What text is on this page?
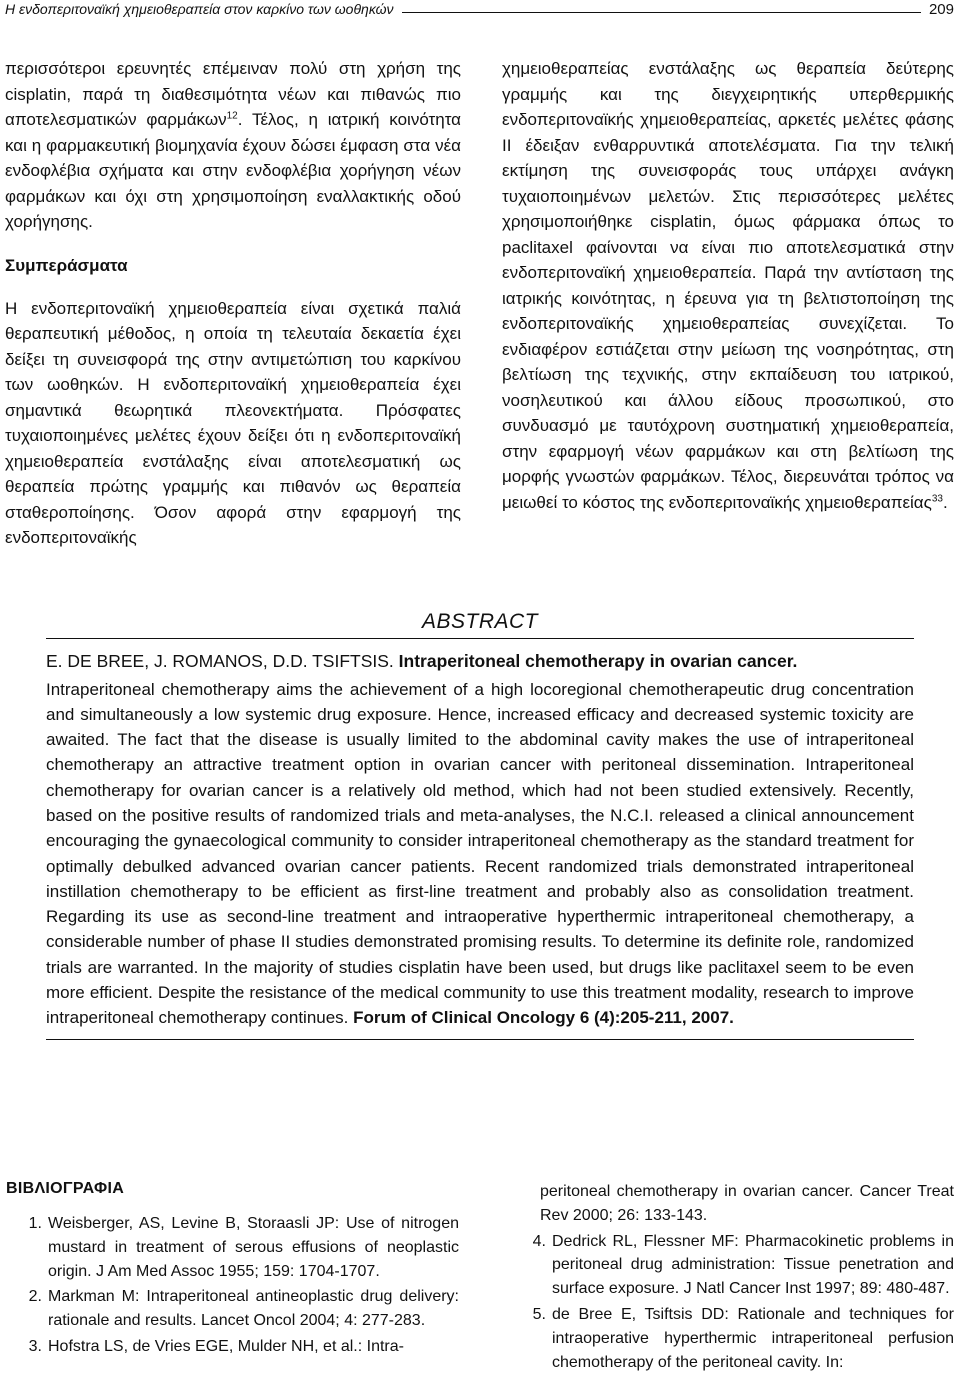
Η ενδοπεριτοναϊκή χημειοθεραπεία στον καρκίνο των ωοθηκών	209

περισσότεροι ερευνητές επέμειναν πολύ στη χρήση της cisplatin, παρά τη διαθεσιμότητα νέων και πιθανώς πιο αποτελεσματικών φαρμάκων$^{12}$. Τέλος, η ιατρική κοινότητα και η φαρμακευτική βιομηχανία έχουν δώσει έμφαση στα νέα ενδοφλέβια σχήματα και στην ενδοφλέβια χορήγηση νέων φαρμάκων και όχι στη χρησιμοποίηση εναλλακτικής οδού χορήγησης.

Συμπεράσματα

Η ενδοπεριτοναϊκή χημειοθεραπεία είναι σχετικά παλιά θεραπευτική μέθοδος, η οποία τη τελευταία δεκαετία έχει δείξει τη συνεισφορά της στην αντιμετώπιση του καρκίνου των ωοθηκών. Η ενδοπεριτοναϊκή χημειοθεραπεία έχει σημαντικά θεωρητικά πλεονεκτήματα. Πρόσφατες τυχαιοποιημένες μελέτες έχουν δείξει ότι η ενδοπεριτοναϊκή χημειοθεραπεία ενστάλαξης είναι αποτελεσματική ως θεραπεία πρώτης γραμμής και πιθανόν ως θεραπεία σταθεροποίησης. Όσον αφορά στην εφαρμογή της ενδοπεριτοναϊκής

χημειοθεραπείας ενστάλαξης ως θεραπεία δεύτερης γραμμής και της διεγχειρητικής υπερθερμικής ενδοπεριτοναϊκής χημειοθεραπείας, αρκετές μελέτες φάσης II έδειξαν ενθαρρυντικά αποτελέσματα. Για την τελική εκτίμηση της συνεισφοράς τους υπάρχει ανάγκη τυχαιοποιημένων μελετών. Στις περισσότερες μελέτες χρησιμοποιήθηκε cisplatin, όμως φάρμακα όπως το paclitaxel φαίνονται να είναι πιο αποτελεσματικά στην ενδοπεριτοναϊκή χημειοθεραπεία. Παρά την αντίσταση της ιατρικής κοινότητας, η έρευνα για τη βελτιστοποίηση της ενδοπεριτοναϊκής χημειοθεραπείας συνεχίζεται. Το ενδιαφέρον εστιάζεται στην μείωση της νοσηρότητας, στη βελτίωση της τεχνικής, στην εκπαίδευση του ιατρικού, νοσηλευτικού και άλλου είδους προσωπικού, στο συνδυασμό με ταυτόχρονη συστηματική χημειοθεραπεία, στην εφαρμογή νέων φαρμάκων και στη βελτίωση της μορφής γνωστών φαρμάκων. Τέλος, διερευνάται τρόπος να μειωθεί το κόστος της ενδοπεριτοναϊκής χημειοθεραπείας$^{33}$.

ABSTRACT

E. DE BREE, J. ROMANOS, D.D. TSIFTSIS. Intraperitoneal chemotherapy in ovarian cancer.

Intraperitoneal chemotherapy aims the achievement of a high locoregional chemotherapeutic drug concentration and simultaneously a low systemic drug exposure. Hence, increased efficacy and decreased systemic toxicity are awaited. The fact that the disease is usually limited to the abdominal cavity makes the use of intraperitoneal chemotherapy an attractive treatment option in ovarian cancer with peritoneal dissemination. Intraperitoneal chemotherapy for ovarian cancer is a relatively old method, which had not been studied extensively. Recently, based on the positive results of randomized trials and meta-analyses, the N.C.I. released a clinical announcement encouraging the gynaecological community to consider intraperitoneal chemotherapy as the standard treatment for optimally debulked advanced ovarian cancer patients. Recent randomized trials demonstrated intraperitoneal instillation chemotherapy to be efficient as first-line treatment and probably also as consolidation treatment. Regarding its use as second-line treatment and intraoperative hyperthermic intraperitoneal chemotherapy, a considerable number of phase II studies demonstrated promising results. To determine its definite role, randomized trials are warranted. In the majority of studies cisplatin have been used, but drugs like paclitaxel seem to be even more efficient. Despite the resistance of the medical community to use this treatment modality, research to improve intraperitoneal chemotherapy continues. Forum of Clinical Oncology 6 (4):205-211, 2007.

ΒΙΒΛΙΟΓΡΑΦΙΑ
1. Weisberger, AS, Levine B, Storaasli JP: Use of nitrogen mustard in treatment of serous effusions of neoplastic origin. J Am Med Assoc 1955; 159: 1704-1707.
2. Markman M: Intraperitoneal antineoplastic drug delivery: rationale and results. Lancet Oncol 2004; 4: 277-283.
3. Hofstra LS, de Vries EGE, Mulder NH, et al.: Intra-
peritoneal chemotherapy in ovarian cancer. Cancer Treat Rev 2000; 26: 133-143.
4. Dedrick RL, Flessner MF: Pharmacokinetic problems in peritoneal drug administration: Tissue penetration and surface exposure. J Natl Cancer Inst 1997; 89: 480-487.
5. de Bree E, Tsiftsis DD: Rationale and techniques for intraoperative hyperthermic intraperitoneal perfusion chemotherapy of the peritoneal cavity. In:
